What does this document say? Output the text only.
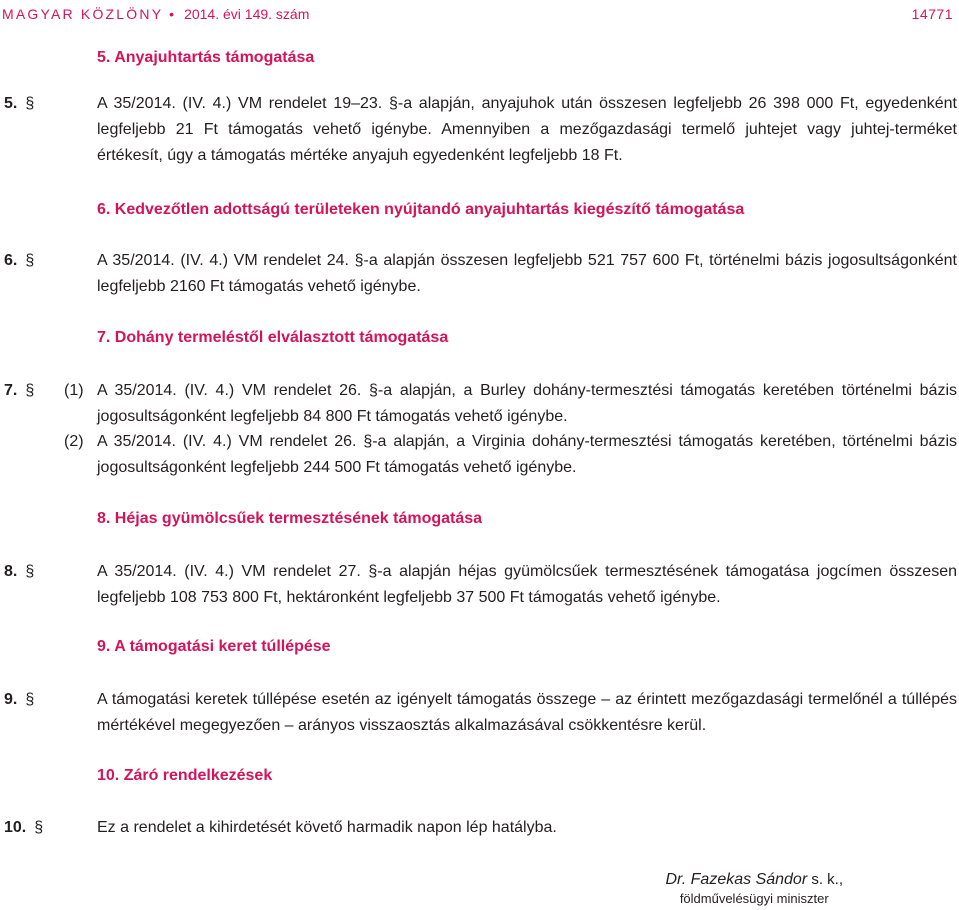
MAGYAR KÖZLÖNY • 2014. évi 149. szám	14771
5. Anyajuhtartás támogatása
5. §	A 35/2014. (IV. 4.) VM rendelet 19–23. §-a alapján, anyajuhok után összesen legfeljebb 26 398 000 Ft, egyedenként legfeljebb 21 Ft támogatás vehető igénybe. Amennyiben a mezőgazdasági termelő juhtejet vagy juhtej-terméket értékesít, úgy a támogatás mértéke anyajuh egyedenként legfeljebb 18 Ft.

6. Kedvezőtlen adottságú területeken nyújtandó anyajuhtartás kiegészítő támogatása
6. §	A 35/2014. (IV. 4.) VM rendelet 24. §-a alapján összesen legfeljebb 521 757 600 Ft, történelmi bázis jogosultságonként legfeljebb 2160 Ft támogatás vehető igénybe.

7. Dohány termeléstől elválasztott támogatása
7. § (1) A 35/2014. (IV. 4.) VM rendelet 26. §-a alapján, a Burley dohány-termesztési támogatás keretében történelmi bázis jogosultságonként legfeljebb 84 800 Ft támogatás vehető igénybe.

(2) A 35/2014. (IV. 4.) VM rendelet 26. §-a alapján, a Virginia dohány-termesztési támogatás keretében, történelmi bázis jogosultságonként legfeljebb 244 500 Ft támogatás vehető igénybe.

8. Héjas gyümölcsűek termesztésének támogatása
8. §	A 35/2014. (IV. 4.) VM rendelet 27. §-a alapján héjas gyümölcsűek termesztésének támogatása jogcímen összesen legfeljebb 108 753 800 Ft, hektáronként legfeljebb 37 500 Ft támogatás vehető igénybe.

9. A támogatási keret túllépése
9. §	A támogatási keretek túllépése esetén az igényelt támogatás összege – az érintett mezőgazdasági termelőnél a túllépés mértékével megegyezően – arányos visszaosztás alkalmazásával csökkentésre kerül.

10. Záró rendelkezések
10. §	Ez a rendelet a kihirdetését követő harmadik napon lép hatályba.

Dr. Fazekas Sándor s. k.,
földművelésügyi miniszter
